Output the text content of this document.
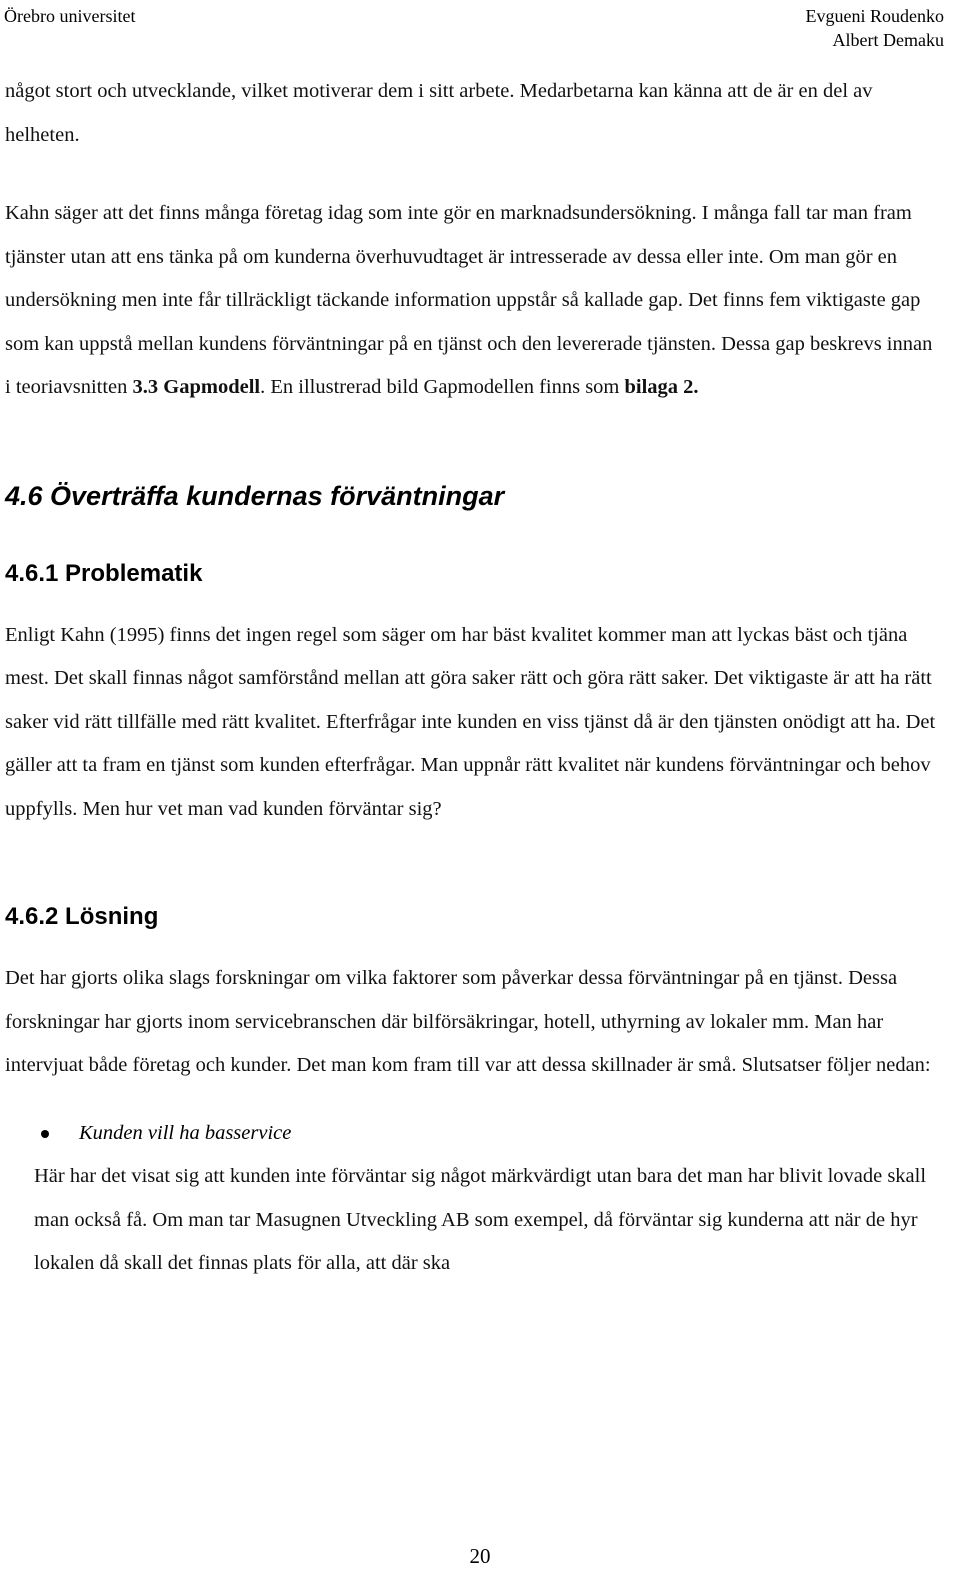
Örebro universitet	Evgueni Roudenko
Albert Demaku

något stort och utvecklande, vilket motiverar dem i sitt arbete. Medarbetarna kan känna att de är en del av helheten.

Kahn säger att det finns många företag idag som inte gör en marknadsundersökning. I många fall tar man fram tjänster utan att ens tänka på om kunderna överhuvudtaget är intresserade av dessa eller inte. Om man gör en undersökning men inte får tillräckligt täckande information uppstår så kallade gap. Det finns fem viktigaste gap som kan uppstå mellan kundens förväntningar på en tjänst och den levererade tjänsten. Dessa gap beskrevs innan i teoriavsnitten 3.3 Gapmodell. En illustrerad bild Gapmodellen finns som bilaga 2.

4.6 Överträffa kundernas förväntningar
4.6.1 Problematik

Enligt Kahn (1995) finns det ingen regel som säger om har bäst kvalitet kommer man att lyckas bäst och tjäna mest. Det skall finnas något samförstånd mellan att göra saker rätt och göra rätt saker. Det viktigaste är att ha rätt saker vid rätt tillfälle med rätt kvalitet. Efterfrågar inte kunden en viss tjänst då är den tjänsten onödigt att ha. Det gäller att ta fram en tjänst som kunden efterfrågar. Man uppnår rätt kvalitet när kundens förväntningar och behov uppfylls. Men hur vet man vad kunden förväntar sig?

4.6.2 Lösning

Det har gjorts olika slags forskningar om vilka faktorer som påverkar dessa förväntningar på en tjänst. Dessa forskningar har gjorts inom servicebranschen där bilförsäkringar, hotell, uthyrning av lokaler mm. Man har intervjuat både företag och kunder. Det man kom fram till var att dessa skillnader är små. Slutsatser följer nedan:

Kunden vill ha basservice
Här har det visat sig att kunden inte förväntar sig något märkvärdigt utan bara det man har blivit lovade skall man också få. Om man tar Masugnen Utveckling AB som exempel, då förväntar sig kunderna att när de hyr lokalen då skall det finnas plats för alla, att där ska
20
